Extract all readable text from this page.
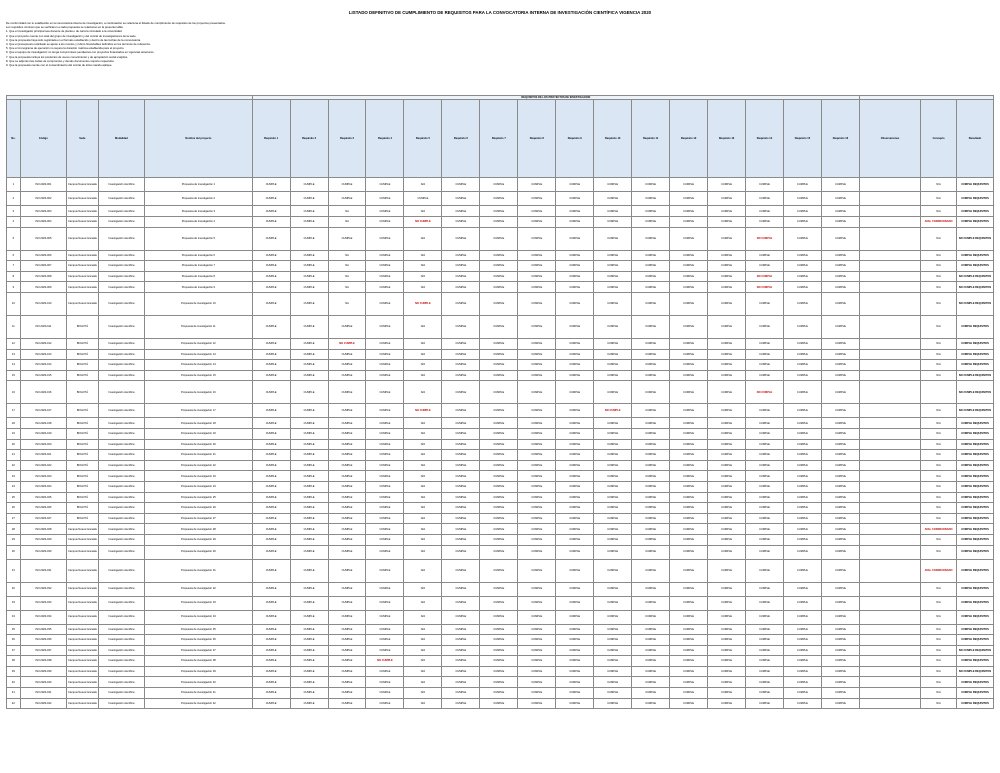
LISTADO DEFINITIVO DE CUMPLIMIENTO DE REQUISITOS PARA LA CONVOCATORIA INTERNA DE INVESTIGACIÓN CIENTÍFICA VIGENCIA 2020

De conformidad con lo establecido en la convocatoria interna de investigación, a continuación se relaciona el listado de cumplimiento de requisitos de los proyectos presentados.

Los requisitos mínimos que se verificaron a cada propuesta se relacionan en la presente tabla.

1. Que el investigador principal sea docente de planta o de carrera vinculado a la universidad.

2. Que el proyecto cuente con aval del grupo de investigación y del comité de investigaciones de la sede.

3. Que la propuesta haya sido registrada en el formato establecido y dentro de las fechas de la convocatoria.

4. Que el presupuesto solicitado se ajuste a los montos y rubros financiables definidos en los términos de referencia.

5. Que el cronograma de ejecución no supere la duración máxima establecida para el proyecto.

6. Que el equipo de investigación no tenga compromisos pendientes con proyectos financiados en vigencias anteriores.

7. Que la propuesta incluya los productos de nuevo conocimiento y de apropiación social exigidos.

8. Que se adjunten las cartas de compromiso y demás documentos soporte requeridos.

9. Que la propuesta cuente con el consentimiento del comité de ética cuando aplique.

					REQUISITOS DE LOS PROYECTOS DE INVESTIGACIÓN																		
No.	Código	Sede	Modalidad	Nombre del proyecto	Requisito 1	Requisito 2	Requisito 3	Requisito 4	Requisito 5	Requisito 6	Requisito 7	Requisito 8	Requisito 9	Requisito 10	Requisito 11	Requisito 12	Requisito 13	Requisito 14	Requisito 15	Requisito 16	Observaciones	Concepto	Resultado
1	INV-2020-001	Campus Nueva Granada	Investigación científica	Propuesta de investigación 1	CUMPLE	CUMPLE	CUMPLE	CUMPLE	N/A	CUMPLE	CUMPLE	CUMPLE	CUMPLE	CUMPLE	CUMPLE	CUMPLE	CUMPLE	CUMPLE	CUMPLE	CUMPLE		N/A	CUMPLE REQUISITOS
2	INV-2020-002	Campus Nueva Granada	Investigación científica	Propuesta de investigación 2	CUMPLE	CUMPLE	CUMPLE	CUMPLE	CUMPLE	CUMPLE	CUMPLE	CUMPLE	CUMPLE	CUMPLE	CUMPLE	CUMPLE	CUMPLE	CUMPLE	CUMPLE	CUMPLE		N/A	CUMPLE REQUISITOS
3	INV-2020-003	Campus Nueva Granada	Investigación científica	Propuesta de investigación 3	CUMPLE	CUMPLE	NA	CUMPLE	N/A	CUMPLE	CUMPLE	CUMPLE	CUMPLE	CUMPLE	CUMPLE	CUMPLE	CUMPLE	CUMPLE	CUMPLE	CUMPLE		N/A	CUMPLE REQUISITOS
4	INV-2020-004	Campus Nueva Granada	Investigación científica	Propuesta de investigación 4	CUMPLE	CUMPLE	NA	CUMPLE	NO CUMPLE	CUMPLE	CUMPLE	CUMPLE	CUMPLE	CUMPLE	CUMPLE	CUMPLE	CUMPLE	CUMPLE	CUMPLE	CUMPLE		AVAL CONDICIONADO	CUMPLE REQUISITOS
5	INV-2020-005	Campus Nueva Granada	Investigación científica	Propuesta de investigación 5	CUMPLE	CUMPLE	CUMPLE	CUMPLE	N/A	CUMPLE	CUMPLE	CUMPLE	CUMPLE	CUMPLE	CUMPLE	CUMPLE	CUMPLE	NO CUMPLE	CUMPLE	CUMPLE		N/A	NO CUMPLE REQUISITOS
6	INV-2020-006	Campus Nueva Granada	Investigación científica	Propuesta de investigación 6	CUMPLE	CUMPLE	NA	CUMPLE	N/A	CUMPLE	CUMPLE	CUMPLE	CUMPLE	CUMPLE	CUMPLE	CUMPLE	CUMPLE	CUMPLE	CUMPLE	CUMPLE		N/A	CUMPLE REQUISITOS
7	INV-2020-007	Campus Nueva Granada	Investigación científica	Propuesta de investigación 7	CUMPLE	CUMPLE	NA	CUMPLE	N/A	CUMPLE	CUMPLE	CUMPLE	CUMPLE	CUMPLE	CUMPLE	CUMPLE	CUMPLE	CUMPLE	CUMPLE	CUMPLE		N/A	CUMPLE REQUISITOS
8	INV-2020-008	Campus Nueva Granada	Investigación científica	Propuesta de investigación 8	CUMPLE	CUMPLE	NA	CUMPLE	N/A	CUMPLE	CUMPLE	CUMPLE	CUMPLE	CUMPLE	CUMPLE	CUMPLE	CUMPLE	NO CUMPLE	CUMPLE	CUMPLE		N/A	NO CUMPLE REQUISITOS
9	INV-2020-009	Campus Nueva Granada	Investigación científica	Propuesta de investigación 9	CUMPLE	CUMPLE	NA	CUMPLE	N/A	CUMPLE	CUMPLE	CUMPLE	CUMPLE	CUMPLE	CUMPLE	CUMPLE	CUMPLE	NO CUMPLE	CUMPLE	CUMPLE		N/A	NO CUMPLE REQUISITOS
10	INV-2020-010	Campus Nueva Granada	Investigación científica	Propuesta de investigación 10	CUMPLE	CUMPLE	NA	CUMPLE	NO CUMPLE	CUMPLE	CUMPLE	CUMPLE	CUMPLE	CUMPLE	CUMPLE	CUMPLE	CUMPLE	CUMPLE	CUMPLE	CUMPLE		N/A	NO CUMPLE REQUISITOS
11	INV-2020-011	BOGOTÁ	Investigación científica	Propuesta de investigación 11	CUMPLE	CUMPLE	CUMPLE	CUMPLE	N/A	CUMPLE	CUMPLE	CUMPLE	CUMPLE	CUMPLE	CUMPLE	CUMPLE	CUMPLE	CUMPLE	CUMPLE	CUMPLE		N/A	CUMPLE REQUISITOS
12	INV-2020-012	BOGOTÁ	Investigación científica	Propuesta de investigación 12	CUMPLE	CUMPLE	NO CUMPLE	CUMPLE	N/A	CUMPLE	CUMPLE	CUMPLE	CUMPLE	CUMPLE	CUMPLE	CUMPLE	CUMPLE	CUMPLE	CUMPLE	CUMPLE		N/A	CUMPLE REQUISITOS
13	INV-2020-013	BOGOTÁ	Investigación científica	Propuesta de investigación 13	CUMPLE	CUMPLE	CUMPLE	CUMPLE	N/A	CUMPLE	CUMPLE	CUMPLE	CUMPLE	CUMPLE	CUMPLE	CUMPLE	CUMPLE	CUMPLE	CUMPLE	CUMPLE		N/A	CUMPLE REQUISITOS
14	INV-2020-014	BOGOTÁ	Investigación científica	Propuesta de investigación 14	CUMPLE	CUMPLE	CUMPLE	CUMPLE	N/A	CUMPLE	CUMPLE	CUMPLE	CUMPLE	CUMPLE	CUMPLE	CUMPLE	CUMPLE	CUMPLE	CUMPLE	CUMPLE		N/A	CUMPLE REQUISITOS
15	INV-2020-015	BOGOTÁ	Investigación científica	Propuesta de investigación 15	CUMPLE	CUMPLE	CUMPLE	CUMPLE	N/A	CUMPLE	CUMPLE	CUMPLE	CUMPLE	CUMPLE	CUMPLE	CUMPLE	CUMPLE	CUMPLE	CUMPLE	CUMPLE		N/A	NO CUMPLE REQUISITOS
16	INV-2020-016	BOGOTÁ	Investigación científica	Propuesta de investigación 16	CUMPLE	CUMPLE	CUMPLE	CUMPLE	N/A	CUMPLE	CUMPLE	CUMPLE	CUMPLE	CUMPLE	CUMPLE	CUMPLE	CUMPLE	NO CUMPLE	CUMPLE	CUMPLE			NO CUMPLE REQUISITOS
17	INV-2020-017	BOGOTÁ	Investigación científica	Propuesta de investigación 17	CUMPLE	CUMPLE	CUMPLE	CUMPLE	NO CUMPLE	CUMPLE	CUMPLE	CUMPLE	CUMPLE	NO CUMPLE	CUMPLE	CUMPLE	CUMPLE	CUMPLE	CUMPLE	CUMPLE		N/A	NO CUMPLE REQUISITOS
18	INV-2020-018	BOGOTÁ	Investigación científica	Propuesta de investigación 18	CUMPLE	CUMPLE	CUMPLE	CUMPLE	N/A	CUMPLE	CUMPLE	CUMPLE	CUMPLE	CUMPLE	CUMPLE	CUMPLE	CUMPLE	CUMPLE	CUMPLE	CUMPLE		N/A	CUMPLE REQUISITOS
19	INV-2020-019	BOGOTÁ	Investigación científica	Propuesta de investigación 19	CUMPLE	CUMPLE	CUMPLE	CUMPLE	N/A	CUMPLE	CUMPLE	CUMPLE	CUMPLE	CUMPLE	CUMPLE	CUMPLE	CUMPLE	CUMPLE	CUMPLE	CUMPLE		N/A	CUMPLE REQUISITOS
20	INV-2020-020	BOGOTÁ	Investigación científica	Propuesta de investigación 20	CUMPLE	CUMPLE	CUMPLE	CUMPLE	N/A	CUMPLE	CUMPLE	CUMPLE	CUMPLE	CUMPLE	CUMPLE	CUMPLE	CUMPLE	CUMPLE	CUMPLE	CUMPLE		N/A	CUMPLE REQUISITOS
21	INV-2020-021	BOGOTÁ	Investigación científica	Propuesta de investigación 21	CUMPLE	CUMPLE	CUMPLE	CUMPLE	N/A	CUMPLE	CUMPLE	CUMPLE	CUMPLE	CUMPLE	CUMPLE	CUMPLE	CUMPLE	CUMPLE	CUMPLE	CUMPLE		N/A	CUMPLE REQUISITOS
22	INV-2020-022	BOGOTÁ	Investigación científica	Propuesta de investigación 22	CUMPLE	CUMPLE	CUMPLE	CUMPLE	N/A	CUMPLE	CUMPLE	CUMPLE	CUMPLE	CUMPLE	CUMPLE	CUMPLE	CUMPLE	CUMPLE	CUMPLE	CUMPLE		N/A	CUMPLE REQUISITOS
23	INV-2020-023	BOGOTÁ	Investigación científica	Propuesta de investigación 23	CUMPLE	CUMPLE	CUMPLE	CUMPLE	N/A	CUMPLE	CUMPLE	CUMPLE	CUMPLE	CUMPLE	CUMPLE	CUMPLE	CUMPLE	CUMPLE	CUMPLE	CUMPLE		N/A	CUMPLE REQUISITOS
24	INV-2020-024	BOGOTÁ	Investigación científica	Propuesta de investigación 24	CUMPLE	CUMPLE	CUMPLE	CUMPLE	N/A	CUMPLE	CUMPLE	CUMPLE	CUMPLE	CUMPLE	CUMPLE	CUMPLE	CUMPLE	CUMPLE	CUMPLE	CUMPLE		N/A	CUMPLE REQUISITOS
25	INV-2020-025	BOGOTÁ	Investigación científica	Propuesta de investigación 25	CUMPLE	CUMPLE	CUMPLE	CUMPLE	N/A	CUMPLE	CUMPLE	CUMPLE	CUMPLE	CUMPLE	CUMPLE	CUMPLE	CUMPLE	CUMPLE	CUMPLE	CUMPLE		N/A	CUMPLE REQUISITOS
26	INV-2020-026	BOGOTÁ	Investigación científica	Propuesta de investigación 26	CUMPLE	CUMPLE	CUMPLE	CUMPLE	N/A	CUMPLE	CUMPLE	CUMPLE	CUMPLE	CUMPLE	CUMPLE	CUMPLE	CUMPLE	CUMPLE	CUMPLE	CUMPLE		N/A	CUMPLE REQUISITOS
27	INV-2020-027	BOGOTÁ	Investigación científica	Propuesta de investigación 27	CUMPLE	CUMPLE	CUMPLE	CUMPLE	N/A	CUMPLE	CUMPLE	CUMPLE	CUMPLE	CUMPLE	CUMPLE	CUMPLE	CUMPLE	CUMPLE	CUMPLE	CUMPLE		N/A	CUMPLE REQUISITOS
28	INV-2020-028	Campus Nueva Granada	Investigación científica	Propuesta de investigación 28	CUMPLE	CUMPLE	CUMPLE	CUMPLE	N/A	CUMPLE	CUMPLE	CUMPLE	CUMPLE	CUMPLE	CUMPLE	CUMPLE	CUMPLE	CUMPLE	CUMPLE	CUMPLE		AVAL CONDICIONADO	CUMPLE REQUISITOS
29	INV-2020-029	Campus Nueva Granada	Investigación científica	Propuesta de investigación 29	CUMPLE	CUMPLE	CUMPLE	CUMPLE	N/A	CUMPLE	CUMPLE	CUMPLE	CUMPLE	CUMPLE	CUMPLE	CUMPLE	CUMPLE	CUMPLE	CUMPLE	CUMPLE		N/A	CUMPLE REQUISITOS
30	INV-2020-030	Campus Nueva Granada	Investigación científica	Propuesta de investigación 30	CUMPLE	CUMPLE	CUMPLE	CUMPLE	N/A	CUMPLE	CUMPLE	CUMPLE	CUMPLE	CUMPLE	CUMPLE	CUMPLE	CUMPLE	CUMPLE	CUMPLE	CUMPLE		N/A	CUMPLE REQUISITOS
31	INV-2020-031	Campus Nueva Granada	Investigación científica	Propuesta de investigación 31	CUMPLE	CUMPLE	CUMPLE	CUMPLE	N/A	CUMPLE	CUMPLE	CUMPLE	CUMPLE	CUMPLE	CUMPLE	CUMPLE	CUMPLE	CUMPLE	CUMPLE	CUMPLE		AVAL CONDICIONADO	CUMPLE REQUISITOS
32	INV-2020-032	Campus Nueva Granada	Investigación científica	Propuesta de investigación 32	CUMPLE	CUMPLE	CUMPLE	CUMPLE	N/A	CUMPLE	CUMPLE	CUMPLE	CUMPLE	CUMPLE	CUMPLE	CUMPLE	CUMPLE	CUMPLE	CUMPLE	CUMPLE		N/A	CUMPLE REQUISITOS
33	INV-2020-033	Campus Nueva Granada	Investigación científica	Propuesta de investigación 33	CUMPLE	CUMPLE	CUMPLE	CUMPLE	N/A	CUMPLE	CUMPLE	CUMPLE	CUMPLE	CUMPLE	CUMPLE	CUMPLE	CUMPLE	CUMPLE	CUMPLE	CUMPLE		N/A	CUMPLE REQUISITOS
34	INV-2020-034	Campus Nueva Granada	Investigación científica	Propuesta de investigación 34	CUMPLE	CUMPLE	CUMPLE	CUMPLE	N/A	CUMPLE	CUMPLE	CUMPLE	CUMPLE	CUMPLE	CUMPLE	CUMPLE	CUMPLE	CUMPLE	CUMPLE	CUMPLE		N/A	CUMPLE REQUISITOS
35	INV-2020-035	Campus Nueva Granada	Investigación científica	Propuesta de investigación 35	CUMPLE	CUMPLE	CUMPLE	CUMPLE	N/A	CUMPLE	CUMPLE	CUMPLE	CUMPLE	CUMPLE	CUMPLE	CUMPLE	CUMPLE	CUMPLE	CUMPLE	CUMPLE		N/A	CUMPLE REQUISITOS
36	INV-2020-036	Campus Nueva Granada	Investigación científica	Propuesta de investigación 36	CUMPLE	CUMPLE	CUMPLE	CUMPLE	N/A	CUMPLE	CUMPLE	CUMPLE	CUMPLE	CUMPLE	CUMPLE	CUMPLE	CUMPLE	CUMPLE	CUMPLE	CUMPLE		N/A	CUMPLE REQUISITOS
37	INV-2020-037	Campus Nueva Granada	Investigación científica	Propuesta de investigación 37	CUMPLE	CUMPLE	CUMPLE	CUMPLE	N/A	CUMPLE	CUMPLE	CUMPLE	CUMPLE	CUMPLE	CUMPLE	CUMPLE	CUMPLE	CUMPLE	CUMPLE	CUMPLE		N/A	NO CUMPLE REQUISITOS
38	INV-2020-038	Campus Nueva Granada	Investigación científica	Propuesta de investigación 38	CUMPLE	CUMPLE	CUMPLE	NO CUMPLE	N/A	CUMPLE	CUMPLE	CUMPLE	CUMPLE	CUMPLE	CUMPLE	CUMPLE	CUMPLE	CUMPLE	CUMPLE	CUMPLE		N/A	CUMPLE REQUISITOS
39	INV-2020-039	Campus Nueva Granada	Investigación científica	Propuesta de investigación 39	CUMPLE	CUMPLE	CUMPLE	CUMPLE	N/A	CUMPLE	CUMPLE	CUMPLE	CUMPLE	CUMPLE	CUMPLE	CUMPLE	CUMPLE	CUMPLE	CUMPLE	CUMPLE		N/A	NO CUMPLE REQUISITOS
40	INV-2020-040	Campus Nueva Granada	Investigación científica	Propuesta de investigación 40	CUMPLE	CUMPLE	CUMPLE	CUMPLE	N/A	CUMPLE	CUMPLE	CUMPLE	CUMPLE	CUMPLE	CUMPLE	CUMPLE	CUMPLE	CUMPLE	CUMPLE	CUMPLE		N/A	CUMPLE REQUISITOS
41	INV-2020-041	Campus Nueva Granada	Investigación científica	Propuesta de investigación 41	CUMPLE	CUMPLE	CUMPLE	CUMPLE	N/A	CUMPLE	CUMPLE	CUMPLE	CUMPLE	CUMPLE	CUMPLE	CUMPLE	CUMPLE	CUMPLE	CUMPLE	CUMPLE		N/A	CUMPLE REQUISITOS
42	INV-2020-042	Campus Nueva Granada	Investigación científica	Propuesta de investigación 42	CUMPLE	CUMPLE	CUMPLE	CUMPLE	N/A	CUMPLE	CUMPLE	CUMPLE	CUMPLE	CUMPLE	CUMPLE	CUMPLE	CUMPLE	CUMPLE	CUMPLE	CUMPLE		N/A	CUMPLE REQUISITOS
